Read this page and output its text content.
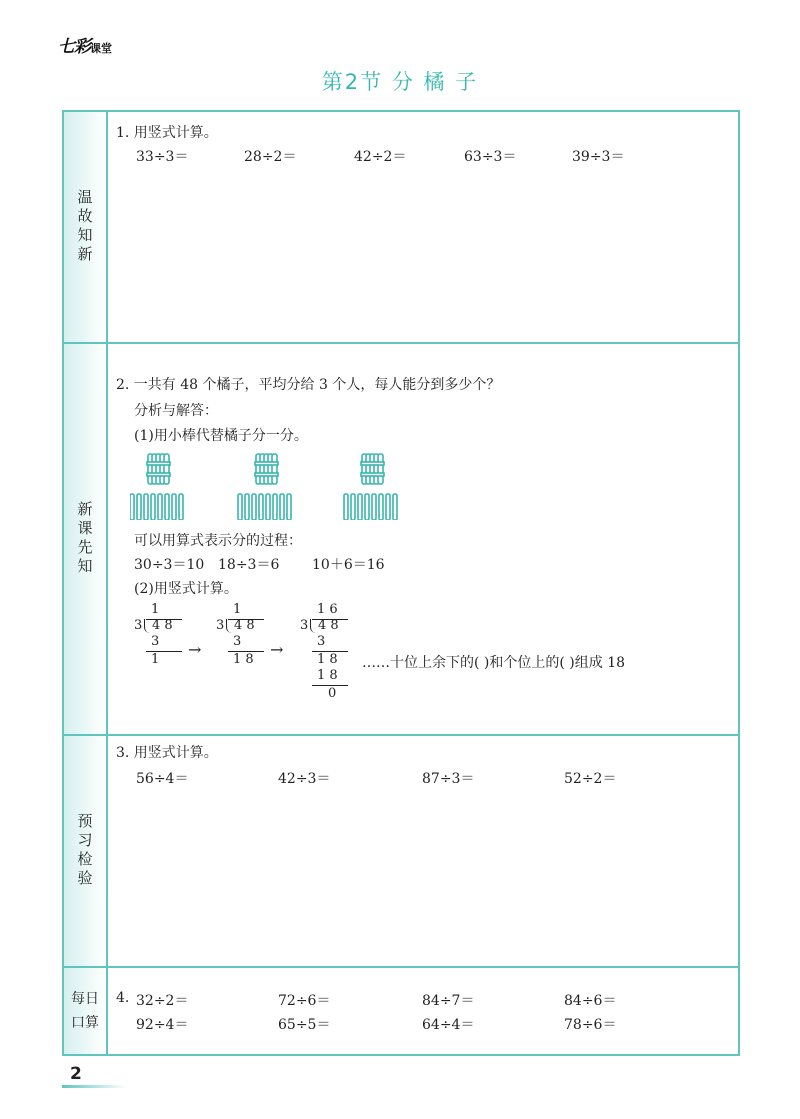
七彩课堂
第2节 分 橘 子
温故知新
1. 用竖式计算。
33÷3＝	28÷2＝	42÷2＝	63÷3＝	39÷3＝
新课先知
2. 一共有 48 个橘子，平均分给 3 个人，每人能分到多少个？
分析与解答：
(1)用小棒代替橘子分一分。
可以用算式表示分的过程：
30÷3＝10 18÷3＝6 10＋6＝16
(2)用竖式计算。
1
3 4 8
3
1
→
1
3 4 8
3
1 8
→
1 6
3 4 8
3
1 8
1 8
0
……十位上余下的( )和个位上的( )组成 18
预习检验
3. 用竖式计算。
56÷4＝	42÷3＝	87÷3＝	52÷2＝
每日
口算
4. 32÷2＝	72÷6＝	84÷7＝	84÷6＝
92÷4＝	65÷5＝	64÷4＝	78÷6＝
2
